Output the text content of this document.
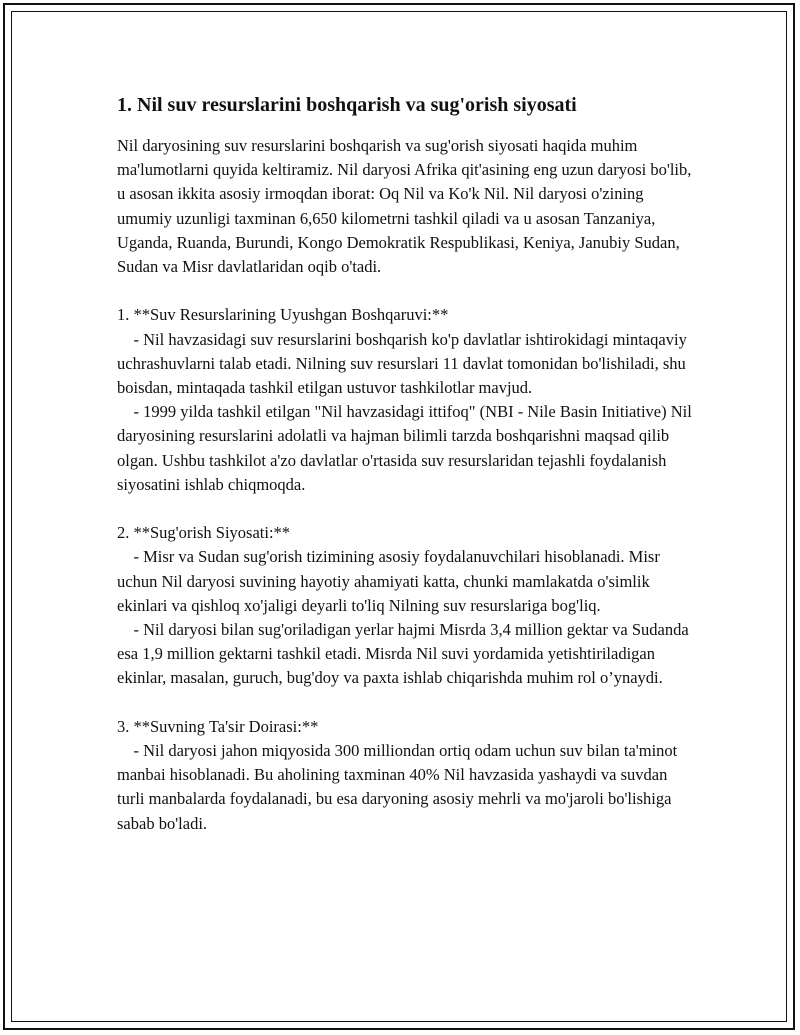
1. Nil suv resurslarini boshqarish va sug'orish siyosati

Nil daryosining suv resurslarini boshqarish va sug'orish siyosati haqida muhim ma'lumotlarni quyida keltiramiz. Nil daryosi Afrika qit'asining eng uzun daryosi bo'lib, u asosan ikkita asosiy irmoqdan iborat: Oq Nil va Ko'k Nil. Nil daryosi o'zining umumiy uzunligi taxminan 6,650 kilometrni tashkil qiladi va u asosan Tanzaniya, Uganda, Ruanda, Burundi, Kongo Demokratik Respublikasi, Keniya, Janubiy Sudan, Sudan va Misr davlatlaridan oqib o'tadi.

1. **Suv Resurslarining Uyushgan Boshqaruvi:**

- Nil havzasidagi suv resurslarini boshqarish ko'p davlatlar ishtirokidagi mintaqaviy uchrashuvlarni talab etadi. Nilning suv resurslari 11 davlat tomonidan bo'lishiladi, shu boisdan, mintaqada tashkil etilgan ustuvor tashkilotlar mavjud.

- 1999 yilda tashkil etilgan "Nil havzasidagi ittifoq" (NBI - Nile Basin Initiative) Nil daryosining resurslarini adolatli va hajman bilimli tarzda boshqarishni maqsad qilib olgan. Ushbu tashkilot a'zo davlatlar o'rtasida suv resurslaridan tejashli foydalanish siyosatini ishlab chiqmoqda.

2. **Sug'orish Siyosati:**

- Misr va Sudan sug'orish tizimining asosiy foydalanuvchilari hisoblanadi. Misr uchun Nil daryosi suvining hayotiy ahamiyati katta, chunki mamlakatda o'simlik ekinlari va qishloq xo'jaligi deyarli to'liq Nilning suv resurslariga bog'liq.

- Nil daryosi bilan sug'oriladigan yerlar hajmi Misrda 3,4 million gektar va Sudanda esa 1,9 million gektarni tashkil etadi. Misrda Nil suvi yordamida yetishtiriladigan ekinlar, masalan, guruch, bug'doy va paxta ishlab chiqarishda muhim rol o’ynaydi.

3. **Suvning Ta'sir Doirasi:**

- Nil daryosi jahon miqyosida 300 milliondan ortiq odam uchun suv bilan ta'minot manbai hisoblanadi. Bu aholining taxminan 40% Nil havzasida yashaydi va suvdan turli manbalarda foydalanadi, bu esa daryoning asosiy mehrli va mo'jaroli bo'lishiga sabab bo'ladi.
